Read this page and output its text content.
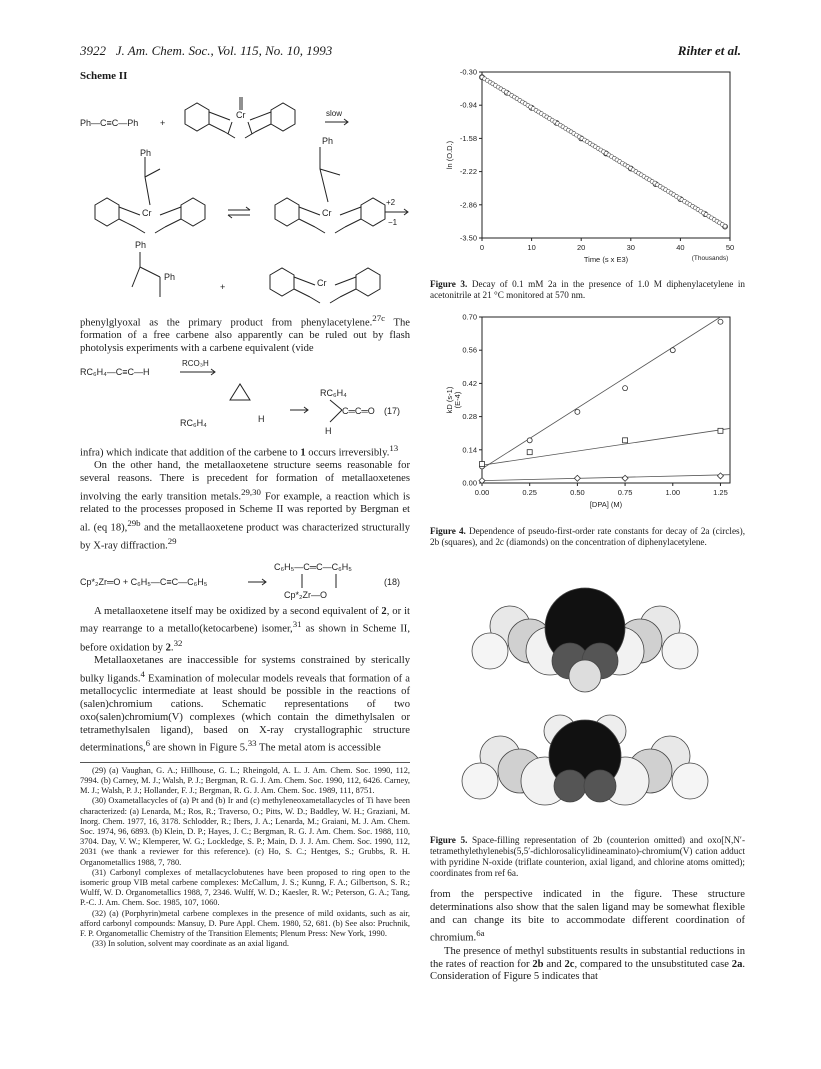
3922 J. Am. Chem. Soc., Vol. 115, No. 10, 1993	Rihter et al.
Scheme II
Ph—C≡C—Ph +
Cr	slow
Ph
Ph
Cr	Cr
+2
−1
Ph
Ph
+	Cr

phenylglyoxal as the primary product from phenylacetylene.$^{27c}$ The formation of a free carbene also apparently can be ruled out by flash photolysis experiments with a carbene equivalent (vide

RC₆H₄—C≡C—H
RCO₃H
RC₆H₄	H
RC₆H₄
C═C═O
H
(17)

infra) which indicate that addition of the carbene to 1 occurs irreversibly.$^{13}$

On the other hand, the metallaoxetene structure seems reasonable for several reasons. There is precedent for formation of metallaoxetenes involving the early transition metals.$^{29,30}$ For example, a reaction which is related to the processes proposed in Scheme II was reported by Bergman et al. (eq 18),$^{29b}$ and the metallaoxetene product was characterized structurally by X-ray diffraction.$^{29}$

Cp*₂Zr═O + C₆H₅—C≡C—C₆H₅
C₆H₅—C═C—C₆H₅
Cp*₂Zr—O
(18)

A metallaoxetene itself may be oxidized by a second equivalent of 2, or it may rearrange to a metallo(ketocarbene) isomer,$^{31}$ as shown in Scheme II, before oxidation by 2.32

Metallaoxetanes are inaccessible for systems constrained by sterically bulky ligands.$^4$ Examination of molecular models reveals that formation of a metallocyclic intermediate at least should be possible in the reactions of (salen)chromium cations. Schematic representations of two oxo(salen)chromium(V) complexes (which contain the dimethylsalen or tetramethylsalen ligand), based on X-ray crystallographic structure determinations,$^6$ are shown in Figure 5.33 The metal atom is accessible

(29) (a) Vaughan, G. A.; Hillhouse, G. L.; Rheingold, A. L. J. Am. Chem. Soc. 1990, 112, 7994. (b) Carney, M. J.; Walsh, P. J.; Bergman, R. G. J. Am. Chem. Soc. 1990, 112, 6426. Carney, M. J.; Walsh, P. J.; Hollander, F. J.; Bergman, R. G. J. Am. Chem. Soc. 1989, 111, 8751.

(30) Oxametallacycles of (a) Pt and (b) Ir and (c) methyleneoxametallacycles of Ti have been characterized: (a) Lenarda, M.; Ros, R.; Traverso, O.; Pitts, W. D.; Baddley, W. H.; Graziani, M. Inorg. Chem. 1977, 16, 3178. Schlodder, R.; Ibers, J. A.; Lenarda, M.; Graiani, M. J. Am. Chem. Soc. 1974, 96, 6893. (b) Klein, D. P.; Hayes, J. C.; Bergman, R. G. J. Am. Chem. Soc. 1988, 110, 3704. Day, V. W.; Klemperer, W. G.; Lockledge, S. P.; Main, D. J. J. Am. Chem. Soc. 1990, 112, 2031 (we thank a reviewer for this reference). (c) Ho, S. C.; Hentges, S.; Grubbs, R. H. Organometallics 1988, 7, 780.

(31) Carbonyl complexes of metallacyclobutenes have been proposed to ring open to the isomeric group VIB metal carbene complexes: McCallum, J. S.; Kunng, F. A.; Gilbertson, S. R.; Wulff, W. D. Organometallics 1988, 7, 2346. Wulff, W. D.; Kaesler, R. W.; Peterson, G. A.; Tang, P.-C. J. Am. Chem. Soc. 1985, 107, 1060.

(32) (a) (Porphyrin)metal carbene complexes in the presence of mild oxidants, such as air, afford carbonyl compounds: Mansuy, D. Pure Appl. Chem. 1980, 52, 681. (b) See also: Pruchnik, F. P. Organometallic Chemistry of the Transition Elements; Plenum Press: New York, 1990.

(33) In solution, solvent may coordinate as an axial ligand.

-0.30
-0.94
-1.58
-2.22
-2.86
-3.50
0	10	20	30	40	50
Time (s x E3)
ln (O.D.)
(Thousands)

Figure 3. Decay of 0.1 mM 2a in the presence of 1.0 M diphenylacetylene in acetonitrile at 21 °C monitored at 570 nm.

0.70
0.56
0.42
0.28
0.14
0.00
0.00	0.25	0.50	0.75	1.00	1.25
[DPA] (M)
kD (s-1) (E-4)

Figure 4. Dependence of pseudo-first-order rate constants for decay of 2a (circles), 2b (squares), and 2c (diamonds) on the concentration of diphenylacetylene.

Figure 5. Space-filling representation of 2b (counterion omitted) and oxo[N,N′-tetramethylethylenebis(5,5′-dichlorosalicylidineaminato)-chromium(V) cation adduct with pyridine N-oxide (triflate counterion, axial ligand, and chlorine atoms omitted); coordinates from ref 6a.

from the perspective indicated in the figure. These structure determinations also show that the salen ligand may be somewhat flexible and can change its bite to accommodate different coordination of chromium.$^{6a}$

The presence of methyl substituents results in substantial reductions in the rates of reaction for 2b and 2c, compared to the unsubstituted case 2a. Consideration of Figure 5 indicates that
